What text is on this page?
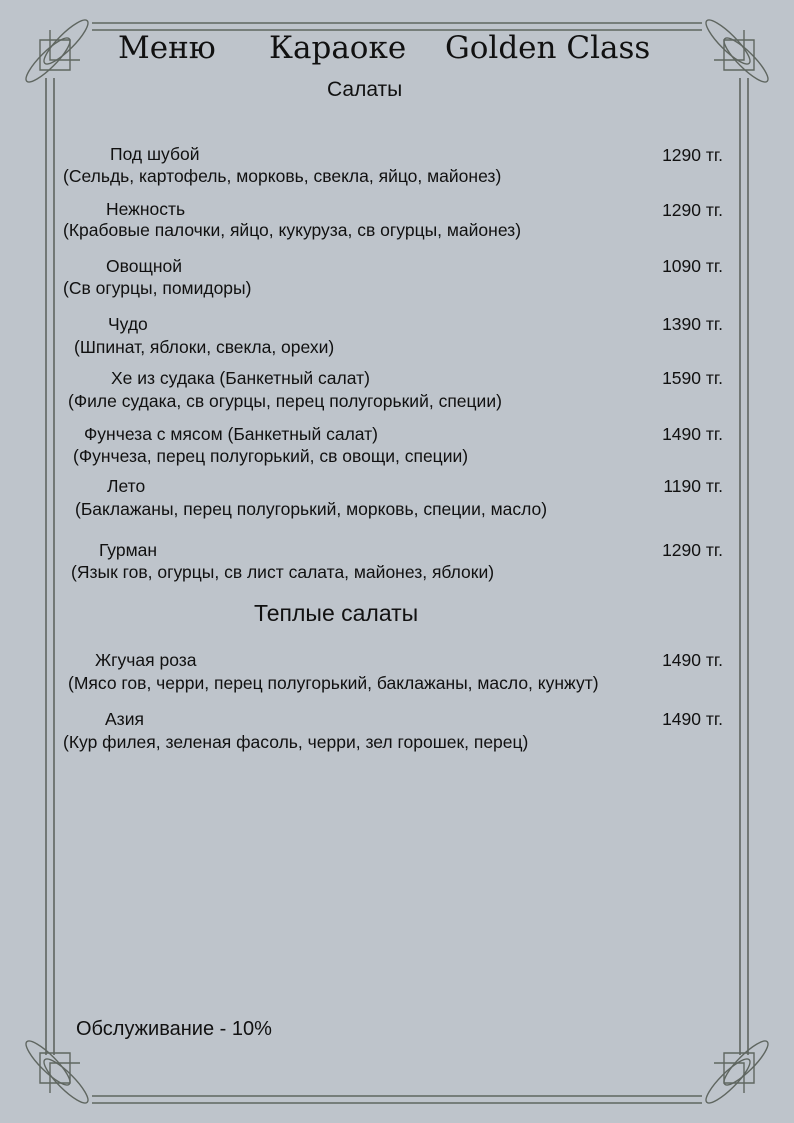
Меню Караоке Golden Class
Салаты
Под шубой	1290 тг.
(Сельдь, картофель, морковь, свекла, яйцо, майонез)
Нежность	1290 тг.
(Крабовые палочки, яйцо, кукуруза, св огурцы, майонез)
Овощной	1090 тг.
(Св огурцы, помидоры)
Чудо	1390 тг.
(Шпинат, яблоки, свекла, орехи)
Хе из судака (Банкетный салат)	1590 тг.
(Филе судака, св огурцы, перец полугорький, специи)
Фунчеза с мясом (Банкетный салат)	1490 тг.
(Фунчеза, перец полугорький, св овощи, специи)
Лето	1190 тг.
(Баклажаны, перец полугорький, морковь, специи, масло)
Гурман	1290 тг.
(Язык гов, огурцы, св лист салата, майонез, яблоки)
Теплые салаты
Жгучая роза	1490 тг.
(Мясо гов, черри, перец полугорький, баклажаны, масло, кунжут)
Азия	1490 тг.
(Кур филея, зеленая фасоль, черри, зел горошек, перец)
Обслуживание - 10%
